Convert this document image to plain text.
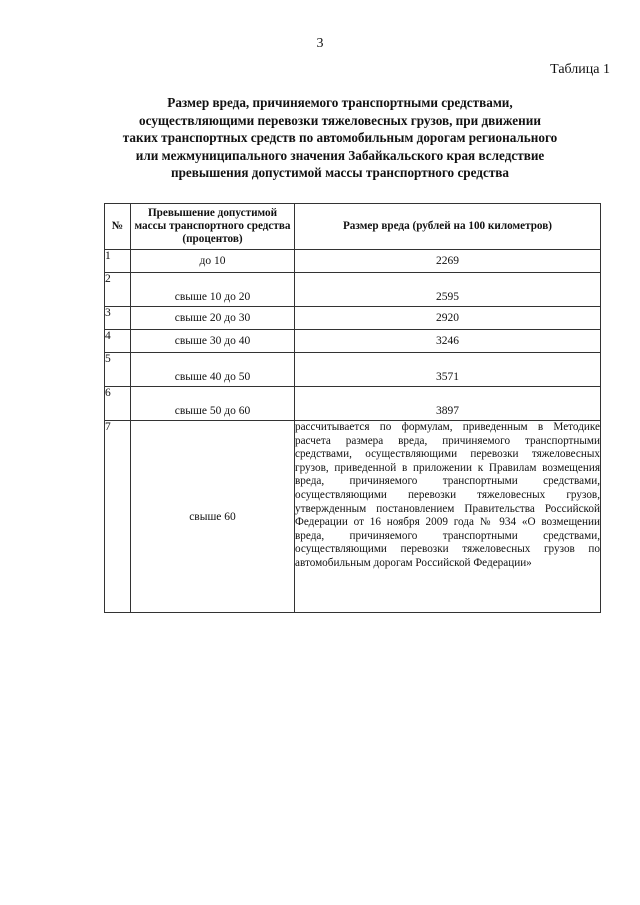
3
Таблица 1
Размер вреда, причиняемого транспортными средствами,
осуществляющими перевозки тяжеловесных грузов, при движении
таких транспортных средств по автомобильным дорогам регионального
или межмуниципального значения Забайкальского края вследствие
превышения допустимой массы транспортного средства
№	Превышение допустимой массы транспортного средства (процентов)	Размер вреда (рублей на 100 километров)
1	до 10	2269
2	свыше 10 до 20	2595
3	свыше 20 до 30	2920
4	свыше 30 до 40	3246
5	свыше 40 до 50	3571
6	свыше 50 до 60	3897
7	свыше 60	рассчитывается по формулам, приведенным в Методике расчета размера вреда, причиняемого транспортными средствами, осуществляющими перевозки тяжеловесных грузов, приведенной в приложении к Правилам возмещения вреда, причиняемого транспортными средствами, осуществляющими перевозки тяжеловесных грузов, утвержденным постановлением Правительства Российской Федерации от 16 ноября 2009 года № 934 «О возмещении вреда, причиняемого транспортными средствами, осуществляющими перевозки тяжеловесных грузов по автомобильным дорогам Российской Федерации»
